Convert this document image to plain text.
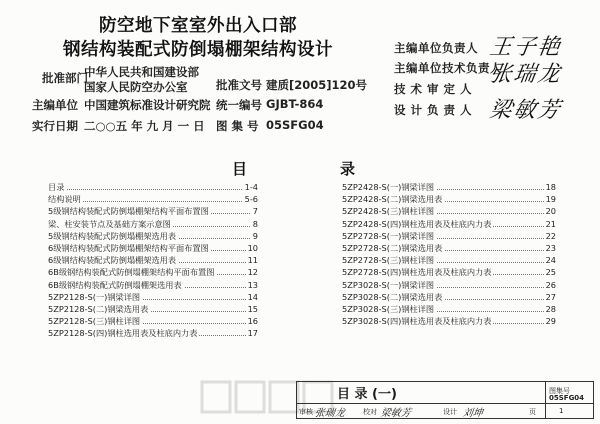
防空地下室室外出入口部
钢结构装配式防倒塌棚架结构设计
批准部门
中华人民共和国建设部
国家人民防空办公室 批准文号 建质[2005]120号
主编单位 中国建筑标准设计研究院 统一编号 GJBT-864
实行日期 二○○五 年 九 月 一 日 图 集 号 05SFG04
主编单位负责人 王子艳
主编单位技术负责人
张瑞龙
技 术 审 定 人
设 计 负 责 人 梁敏芳
目	录
目录	1-4
结构说明	5-6
5级钢结构装配式防倒塌棚架结构平面布置图	7
梁、柱安装节点及基础方案示意图	8
5级钢结构装配式防倒塌棚架选用表	9
6级钢结构装配式防倒塌棚架结构平面布置图	10
6级钢结构装配式防倒塌棚架选用表	11
6B级钢结构装配式防倒塌棚架结构平面布置图	12
6B级钢结构装配式防倒塌棚架选用表	13
5ZP2128-S(一)钢梁详图	14
5ZP2128-S(二)钢梁选用表	15
5ZP2128-S(三)钢柱详图	16
5ZP2128-S(四)钢柱选用表及柱底内力表	17
5ZP2428-S(一)钢梁详图	18
5ZP2428-S(二)钢梁选用表	19
5ZP2428-S(三)钢柱详图	20
5ZP2428-S(四)钢柱选用表及柱底内力表	21
5ZP2728-S(一)钢梁详图	22
5ZP2728-S(二)钢梁选用表	23
5ZP2728-S(三)钢柱详图	24
5ZP2728-S(四)钢柱选用表及柱底内力表	25
5ZP3028-S(一)钢梁详图	26
5ZP3028-S(二)钢梁选用表	27
5ZP3028-S(三)钢柱详图	28
5ZP3028-S(四)钢柱选用表及柱底内力表	29
目 录 (一)	图集号
05SFG04
审核 张瑞龙	校对 梁敏芳	设计 刘坤	页	1
